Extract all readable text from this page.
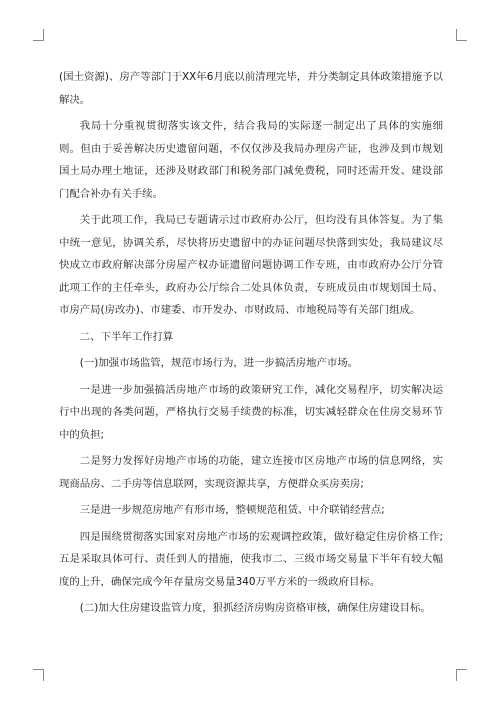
(国土资源)、房产等部门于XX年6月底以前清理完毕，并分类制定具体政策措施予以解决。

我局十分重视贯彻落实该文件，结合我局的实际逐一制定出了具体的实施细则。但由于妥善解决历史遗留问题，不仅仅涉及我局办理房产证，也涉及到市规划国土局办理土地证，还涉及财政部门和税务部门减免费税，同时还需开发、建设部门配合补办有关手续。

关于此项工作，我局已专题请示过市政府办公厅，但均没有具体答复。为了集中统一意见，协调关系，尽快将历史遗留中的办证问题尽快落到实处，我局建议尽快成立市政府解决部分房屋产权办证遗留问题协调工作专班，由市政府办公厅分管此项工作的主任牵头，政府办公厅综合二处具体负责，专班成员由市规划国土局、市房产局(房改办)、市建委、市开发办、市财政局、市地税局等有关部门组成。

二、下半年工作打算

(一)加强市场监管，规范市场行为，进一步搞活房地产市场。

一是进一步加强搞活房地产市场的政策研究工作，减化交易程序，切实解决运行中出现的各类问题，严格执行交易手续费的标准，切实减轻群众在住房交易环节中的负担;

二是努力发挥好房地产市场的功能，建立连接市区房地产市场的信息网络，实现商品房、二手房等信息联网，实现资源共享，方便群众买房卖房;

三是进一步规范房地产有形市场，整顿规范租赁、中介联销经营点;

四是围绕贯彻落实国家对房地产市场的宏观调控政策，做好稳定住房价格工作;五是采取具体可行、责任到人的措施，使我市二、三级市场交易量下半年有较大幅度的上升，确保完成今年存量房交易量340万平方米的一级政府目标。

(二)加大住房建设监管力度，狠抓经济房购房资格审核，确保住房建设目标。
